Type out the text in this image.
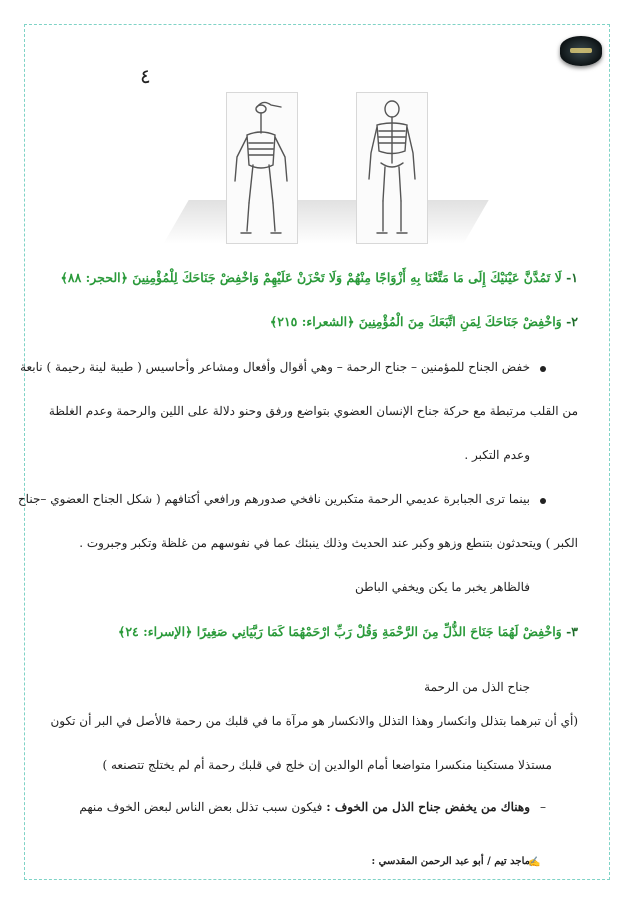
٤
١- لَا تَمُدَّنَّ عَيْنَيْكَ إِلَى مَا مَتَّعْنَا بِهِ أَزْوَاجًا مِنْهُمْ وَلَا تَحْزَنْ عَلَيْهِمْ وَاخْفِضْ جَنَاحَكَ لِلْمُؤْمِنِينَ ﴿الحجر: ٨٨﴾
٢- وَاخْفِضْ جَنَاحَكَ لِمَنِ اتَّبَعَكَ مِنَ الْمُؤْمِنِينَ ﴿الشعراء: ٢١٥﴾
خفض الجناح للمؤمنين – جناح الرحمة – وهي أقوال وأفعال ومشاعر وأحاسيس ( طيبة لينة رحيمة ) نابعة
من القلب مرتبطة مع حركة جناح الإنسان العضوي بتواضع ورفق وحنو دلالة على اللين والرحمة وعدم الغلظة
وعدم التكبر .
بينما ترى الجبابرة عديمي الرحمة متكبرين نافخي صدورهم ورافعي أكتافهم ( شكل الجناح العضوي –جناح
الكبر ) ويتحدثون بتنطع وزهو وكبر عند الحديث وذلك ينبئك عما في نفوسهم من غلظة وتكبر وجبروت .
فالظاهر يخبر ما يكن ويخفي الباطن
٣- وَاخْفِضْ لَهُمَا جَنَاحَ الذُّلِّ مِنَ الرَّحْمَةِ وَقُلْ رَبِّ ارْحَمْهُمَا كَمَا رَبَّيَانِي صَغِيرًا ﴿الإسراء: ٢٤﴾
جناح الذل من الرحمة
(أي أن تبرهما بتذلل وانكسار وهذا التذلل والانكسار هو مرآة ما في قلبك من رحمة فالأصل في البر أن تكون
مستذلا مستكينا منكسرا متواضعا أمام الوالدين إن خلج في قلبك رحمة أم لم يختلج تتصنعه )
–
وهناك من يخفض جناح الذل من الخوف : فيكون سبب تذلل بعض الناس لبعض الخوف منهم
ماجد تيم / أبو عبد الرحمن المقدسي :
✍
